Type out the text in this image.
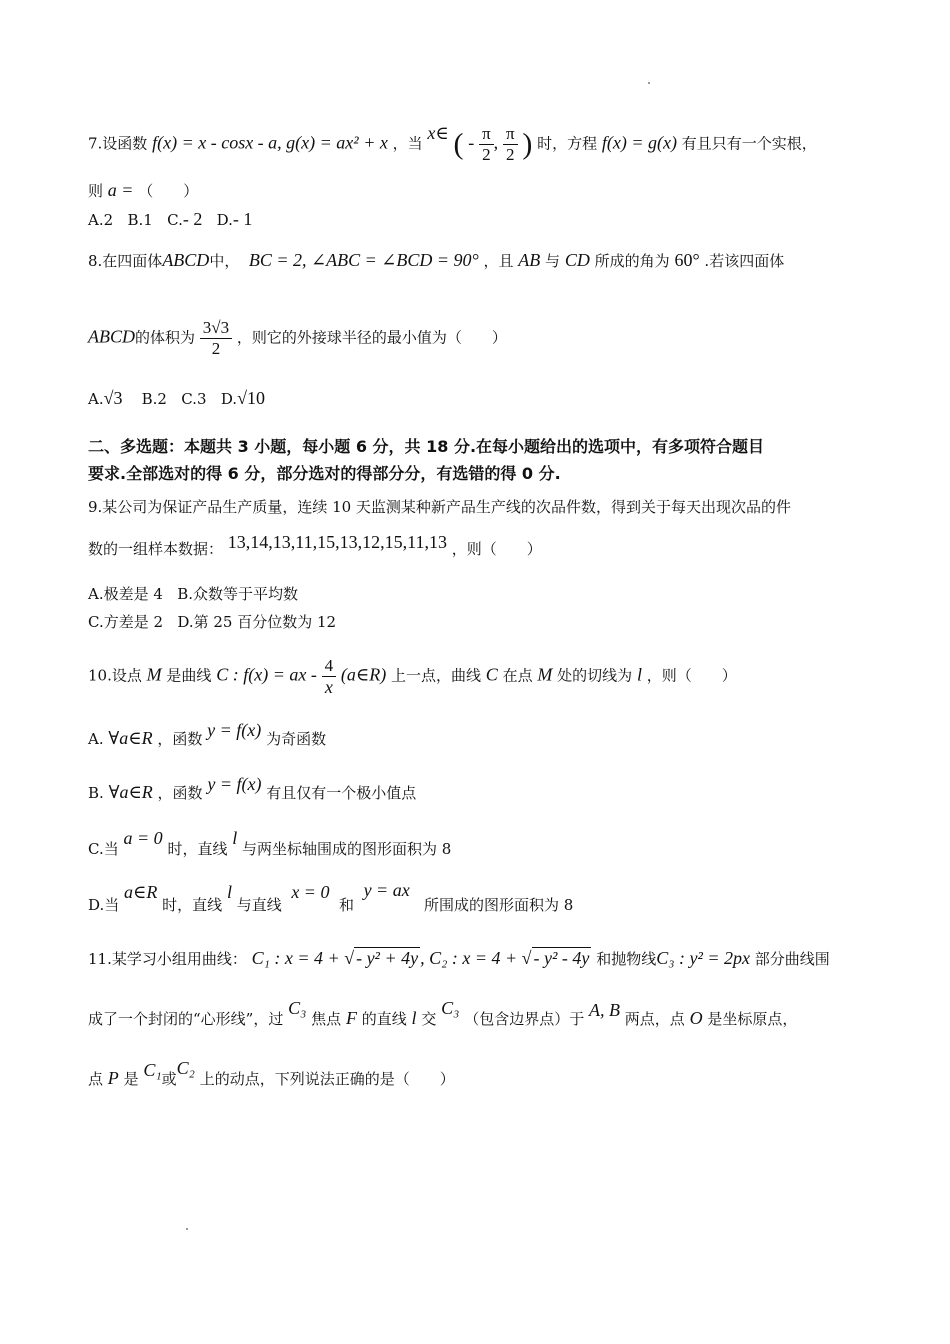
7.设函数 f(x) = x - cosx - a, g(x) = ax² + x ，当 x∈ ( - $\frac{\pi}{2}$ , $\frac{\pi}{2}$ ) 时，方程 f(x) = g(x) 有且只有一个实根，
则 a = （　　）
A.2 B.1 C.- 2 D.- 1
8.在四面体ABCD中， BC = 2, ∠ABC = ∠BCD = 90° ，且 AB 与 CD 所成的角为 60° .若该四面体
ABCD的体积为 $\frac{3√3}{2}$ ，则它的外接球半径的最小值为（　　）
A.√3 B.2 C.3 D.√10
二、多选题：本题共 3 小题，每小题 6 分，共 18 分.在每小题给出的选项中，有多项符合题目
要求.全部选对的得 6 分，部分选对的得部分分，有选错的得 0 分.
9.某公司为保证产品生产质量，连续 10 天监测某种新产品生产线的次品件数，得到关于每天出现次品的件
数的一组样本数据： 13,14,13,11,15,13,12,15,11,13 ，则（　　）
A.极差是 4 B.众数等于平均数
C.方差是 2 D.第 25 百分位数为 12
10.设点 M 是曲线 C : f(x) = ax - $\frac{4}{x}$ (a∈R) 上一点，曲线 C 在点 M 处的切线为 l ，则（　　）
A. ∀a∈R ，函数 y = f(x) 为奇函数
B. ∀a∈R ，函数 y = f(x) 有且仅有一个极小值点
C.当 a = 0 时，直线 l 与两坐标轴围成的图形面积为 8
D.当 a∈R 时，直线 l 与直线  x = 0  和  y = ax   所围成的图形面积为 8
11.某学习小组用曲线： C₁ : x = 4 + √ - y² + 4y , C₂ : x = 4 + √ - y² - 4y 和抛物线C₃ : y² = 2px 部分曲线围
成了一个封闭的“心形线”，过 C₃ 焦点 F 的直线 l 交 C₃ （包含边界点）于 A, B 两点，点 O 是坐标原点，
点 P 是 C₁或C₂ 上的动点，下列说法正确的是（　　）
